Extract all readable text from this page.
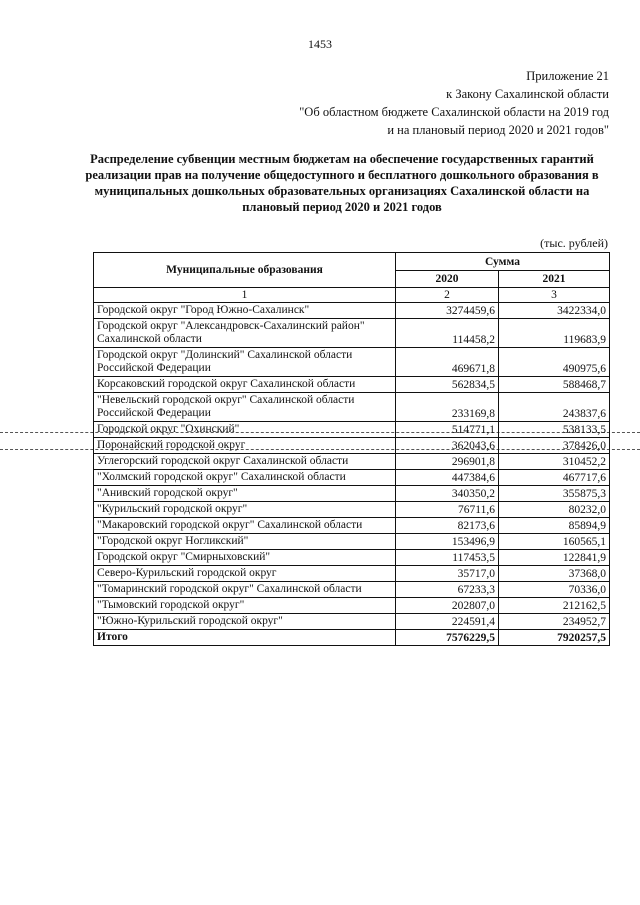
1453
Приложение 21
к Закону Сахалинской области
"Об областном бюджете Сахалинской области на 2019 год
и на плановый период 2020 и 2021 годов"
Распределение субвенции местным бюджетам на обеспечение государственных гарантий реализации прав на получение общедоступного и бесплатного дошкольного образования в муниципальных дошкольных образовательных организациях Сахалинской области на плановый период 2020 и 2021 годов
(тыс. рублей)
Муниципальные образования	Сумма	
	2020	2021
1	2	3
Городской округ "Город Южно-Сахалинск"	3274459,6	3422334,0
Городской округ "Александровск-Сахалинский район" Сахалинской области	114458,2	119683,9
Городской округ "Долинский" Сахалинской области Российской Федерации	469671,8	490975,6
Корсаковский городской округ Сахалинской области	562834,5	588468,7
"Невельский городской округ" Сахалинской области Российской Федерации	233169,8	243837,6
Городской округ "Охинский"	514771,1	538133,5
Поронайский городской округ	362043,6	378426,0
Углегорский городской округ Сахалинской области	296901,8	310452,2
"Холмский городской округ" Сахалинской области	447384,6	467717,6
"Анивский городской округ"	340350,2	355875,3
"Курильский городской округ"	76711,6	80232,0
"Макаровский городской округ" Сахалинской области	82173,6	85894,9
"Городской округ Ногликский"	153496,9	160565,1
Городской округ "Смирныховский"	117453,5	122841,9
Северо-Курильский городской округ	35717,0	37368,0
"Томаринский городской округ" Сахалинской области	67233,3	70336,0
"Тымовский городской округ"	202807,0	212162,5
"Южно-Курильский городской округ"	224591,4	234952,7
Итого	7576229,5	7920257,5
